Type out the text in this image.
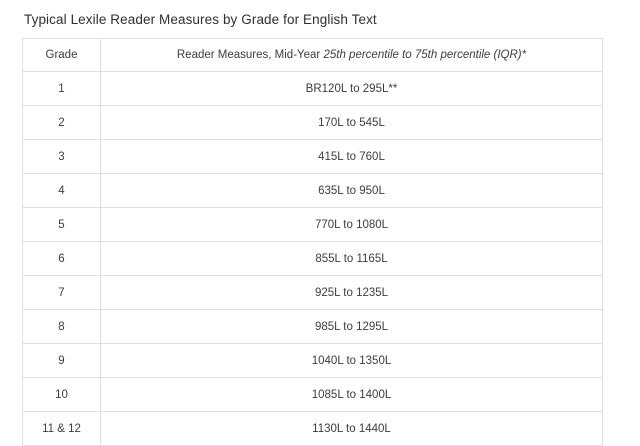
Typical Lexile Reader Measures by Grade for English Text
Grade	Reader Measures, Mid-Year 25th percentile to 75th percentile (IQR)*
1	BR120L to 295L**
2	170L to 545L
3	415L to 760L
4	635L to 950L
5	770L to 1080L
6	855L to 1165L
7	925L to 1235L
8	985L to 1295L
9	1040L to 1350L
10	1085L to 1400L
11 & 12	1130L to 1440L
